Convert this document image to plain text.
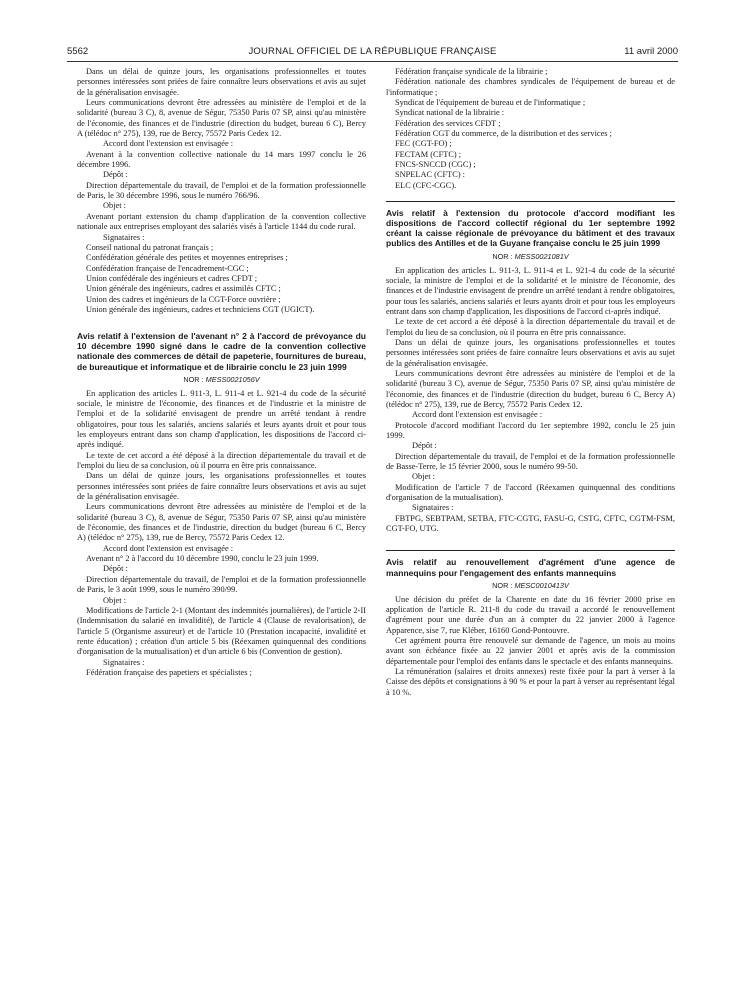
5562	JOURNAL OFFICIEL DE LA RÉPUBLIQUE FRANÇAISE	11 avril 2000

Dans un délai de quinze jours, les organisations professionnelles et toutes personnes intéressées sont priées de faire connaître leurs observations et avis au sujet de la généralisation envisagée.

Leurs communications devront être adressées au ministère de l'emploi et de la solidarité (bureau 3 C), 8, avenue de Ségur, 75350 Paris 07 SP, ainsi qu'au ministère de l'économie, des finances et de l'industrie (direction du budget, bureau 6 C), Bercy A (télédoc n° 275), 139, rue de Bercy, 75572 Paris Cedex 12.

Accord dont l'extension est envisagée :

Avenant à la convention collective nationale du 14 mars 1997 conclu le 26 décembre 1996.

Dépôt :

Direction départementale du travail, de l'emploi et de la formation professionnelle de Paris, le 30 décembre 1996, sous le numéro 766/96.

Objet :

Avenant portant extension du champ d'application de la convention collective nationale aux entreprises employant des salariés visés à l'article 1144 du code rural.

Signataires :

Conseil national du patronat français ;

Confédération générale des petites et moyennes entreprises ;

Confédération française de l'encadrement-CGC ;

Union confédérale des ingénieurs et cadres CFDT ;

Union générale des ingénieurs, cadres et assimilés CFTC ;

Union des cadres et ingénieurs de la CGT-Force ouvrière ;

Union générale des ingénieurs, cadres et techniciens CGT (UGICT).

Avis relatif à l'extension de l'avenant n° 2 à l'accord de prévoyance du 10 décembre 1990 signé dans le cadre de la convention collective nationale des commerces de détail de papeterie, fournitures de bureau, de bureautique et informatique et de librairie conclu le 23 juin 1999

NOR : MESS0021056V

En application des articles L. 911-3, L. 911-4 et L. 921-4 du code de la sécurité sociale, le ministre de l'économie, des finances et de l'industrie et la ministre de l'emploi et de la solidarité envisagent de prendre un arrêté tendant à rendre obligatoires, pour tous les salariés, anciens salariés et leurs ayants droit et pour tous les employeurs entrant dans son champ d'application, les dispositions de l'accord ci-après indiqué.

Le texte de cet accord a été déposé à la direction départementale du travail et de l'emploi du lieu de sa conclusion, où il pourra en être pris connaissance.

Dans un délai de quinze jours, les organisations professionnelles et toutes personnes intéressées sont priées de faire connaître leurs observations et avis au sujet de la généralisation envisagée.

Leurs communications devront être adressées au ministère de l'emploi et de la solidarité (bureau 3 C), 8, avenue de Ségur, 75350 Paris 07 SP, ainsi qu'au ministère de l'économie, des finances et de l'industrie, direction du budget (bureau 6 C, Bercy A) (télédoc n° 275), 139, rue de Bercy, 75572 Paris Cedex 12.

Accord dont l'extension est envisagée :

Avenant n° 2 à l'accord du 10 décembre 1990, conclu le 23 juin 1999.

Dépôt :

Direction départementale du travail, de l'emploi et de la formation professionnelle de Paris, le 3 août 1999, sous le numéro 390/99.

Objet :

Modifications de l'article 2-1 (Montant des indemnités journalières), de l'article 2-II (Indemnisation du salarié en invalidité), de l'article 4 (Clause de revalorisation), de l'article 5 (Organisme assureur) et de l'article 10 (Prestation incapacité, invalidité et rente éducation) ; création d'un article 5 bis (Réexamen quinquennal des conditions d'organisation de la mutualisation) et d'un article 6 bis (Convention de gestion).

Signataires :

Fédération française des papetiers et spécialistes ;

Fédération française syndicale de la librairie ;

Fédération nationale des chambres syndicales de l'équipement de bureau et de l'informatique ;

Syndicat de l'équipement de bureau et de l'informatique ;

Syndicat national de la librairie :

Fédération des services CFDT ;

Fédération CGT du commerce, de la distribution et des services ;

FEC (CGT-FO) ;

FECTAM (CFTC) ;

FNCS-SNCCD (CGC) ;

SNPELAC (CFTC) :

ELC (CFC-CGC).

Avis relatif à l'extension du protocole d'accord modifiant les dispositions de l'accord collectif régional du 1er septembre 1992 créant la caisse régionale de prévoyance du bâtiment et des travaux publics des Antilles et de la Guyane française conclu le 25 juin 1999

NOR : MESS0021081V

En application des articles L. 911-3, L. 911-4 et L. 921-4 du code de la sécurité sociale, la ministre de l'emploi et de la solidarité et le ministre de l'économie, des finances et de l'industrie envisagent de prendre un arrêté tendant à rendre obligatoires, pour tous les salariés, anciens salariés et leurs ayants droit et pour tous les employeurs entrant dans son champ d'application, les dispositions de l'accord ci-après indiqué.

Le texte de cet accord a été déposé à la direction départementale du travail et de l'emploi du lieu de sa conclusion, où il pourra en être pris connaissance.

Dans un délai de quinze jours, les organisations professionnelles et toutes personnes intéressées sont priées de faire connaître leurs observations et avis au sujet de la généralisation envisagée.

Leurs communications devront être adressées au ministère de l'emploi et de la solidarité (bureau 3 C), avenue de Ségur, 75350 Paris 07 SP, ainsi qu'au ministère de l'économie, des finances et de l'industrie (direction du budget, bureau 6 C, Bercy A) (télédoc n° 275), 139, rue de Bercy, 75572 Paris Cedex 12.

Accord dont l'extension est envisagée :

Protocole d'accord modifiant l'accord du 1er septembre 1992, conclu le 25 juin 1999.

Dépôt :

Direction départementale du travail, de l'emploi et de la formation professionnelle de Basse-Terre, le 15 février 2000, sous le numéro 99-50.

Objet :

Modification de l'article 7 de l'accord (Réexamen quinquennal des conditions d'organisation de la mutualisation).

Signataires :

FBTPG, SEBTPAM, SETBA, FTC-CGTG, FASU-G, CSTG, CFTC, CGTM-FSM, CGT-FO, UTG.

Avis relatif au renouvellement d'agrément d'une agence de mannequins pour l'engagement des enfants mannequins

NOR : MESC0010413V

Une décision du préfet de la Charente en date du 16 février 2000 prise en application de l'article R. 211-8 du code du travail a accordé le renouvellement d'agrément pour une durée d'un an à compter du 22 janvier 2000 à l'agence Apparence, sise 7, rue Kléber, 16160 Gond-Pontouvre.

Cet agrément pourra être renouvelé sur demande de l'agence, un mois au moins avant son échéance fixée au 22 janvier 2001 et après avis de la commission départementale pour l'emploi des enfants dans le spectacle et des enfants mannequins.

La rémunération (salaires et droits annexes) reste fixée pour la part à verser à la Caisse des dépôts et consignations à 90 % et pour la part à verser au représentant légal à 10 %.
